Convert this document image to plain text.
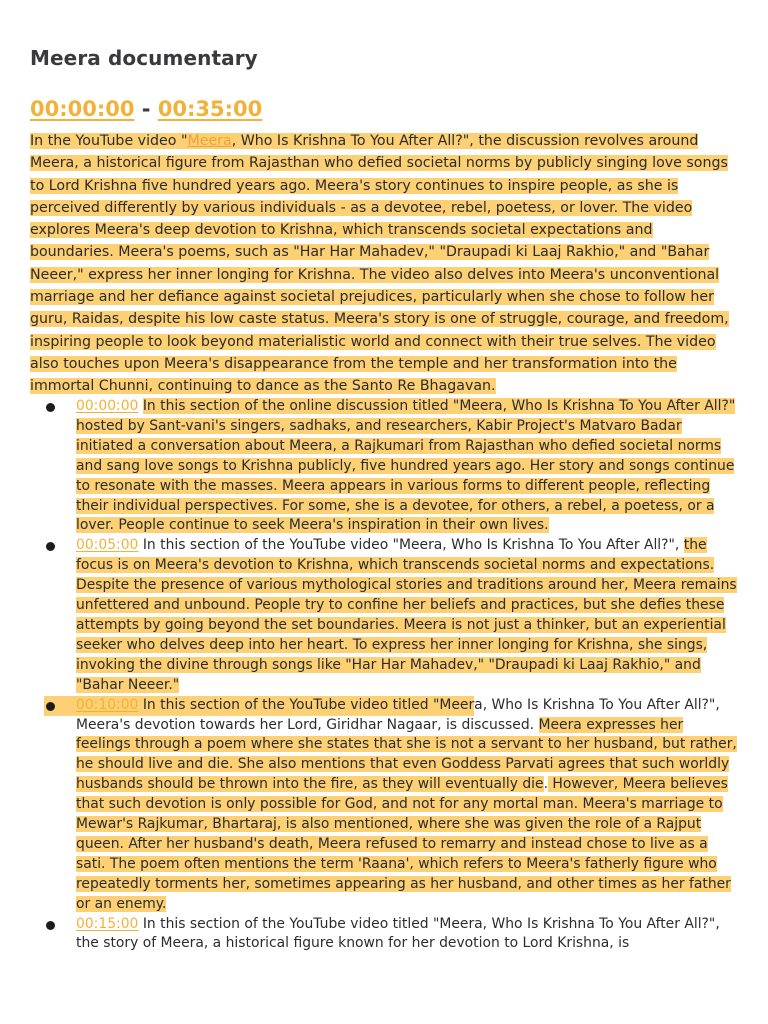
Meera documentary
00:00:00 - 00:35:00

In the YouTube video "Meera, Who Is Krishna To You After All?", the discussion revolves around Meera, a historical figure from Rajasthan who defied societal norms by publicly singing love songs to Lord Krishna five hundred years ago. Meera's story continues to inspire people, as she is perceived differently by various individuals - as a devotee, rebel, poetess, or lover. The video explores Meera's deep devotion to Krishna, which transcends societal expectations and boundaries. Meera's poems, such as "Har Har Mahadev," "Draupadi ki Laaj Rakhio," and "Bahar Neeer," express her inner longing for Krishna. The video also delves into Meera's unconventional marriage and her defiance against societal prejudices, particularly when she chose to follow her guru, Raidas, despite his low caste status. Meera's story is one of struggle, courage, and freedom, inspiring people to look beyond materialistic world and connect with their true selves. The video also touches upon Meera's disappearance from the temple and her transformation into the immortal Chunni, continuing to dance as the Santo Re Bhagavan.

00:00:00 In this section of the online discussion titled "Meera, Who Is Krishna To You After All?" hosted by Sant-vani's singers, sadhaks, and researchers, Kabir Project's Matvaro Badar initiated a conversation about Meera, a Rajkumari from Rajasthan who defied societal norms and sang love songs to Krishna publicly, five hundred years ago. Her story and songs continue to resonate with the masses. Meera appears in various forms to different people, reflecting their individual perspectives. For some, she is a devotee, for others, a rebel, a poetess, or a lover. People continue to seek Meera's inspiration in their own lives.
00:05:00 In this section of the YouTube video "Meera, Who Is Krishna To You After All?", the focus is on Meera's devotion to Krishna, which transcends societal norms and expectations. Despite the presence of various mythological stories and traditions around her, Meera remains unfettered and unbound. People try to confine her beliefs and practices, but she defies these attempts by going beyond the set boundaries. Meera is not just a thinker, but an experiential seeker who delves deep into her heart. To express her inner longing for Krishna, she sings, invoking the divine through songs like "Har Har Mahadev," "Draupadi ki Laaj Rakhio," and "Bahar Neeer."
00:10:00 In this section of the YouTube video titled "Meera, Who Is Krishna To You After All?", Meera's devotion towards her Lord, Giridhar Nagaar, is discussed. Meera expresses her feelings through a poem where she states that she is not a servant to her husband, but rather, he should live and die. She also mentions that even Goddess Parvati agrees that such worldly husbands should be thrown into the fire, as they will eventually die. However, Meera believes that such devotion is only possible for God, and not for any mortal man. Meera's marriage to Mewar's Rajkumar, Bhartaraj, is also mentioned, where she was given the role of a Rajput queen. After her husband's death, Meera refused to remarry and instead chose to live as a sati. The poem often mentions the term 'Raana', which refers to Meera's fatherly figure who repeatedly torments her, sometimes appearing as her husband, and other times as her father or an enemy.
00:15:00 In this section of the YouTube video titled "Meera, Who Is Krishna To You After All?", the story of Meera, a historical figure known for her devotion to Lord Krishna, is
